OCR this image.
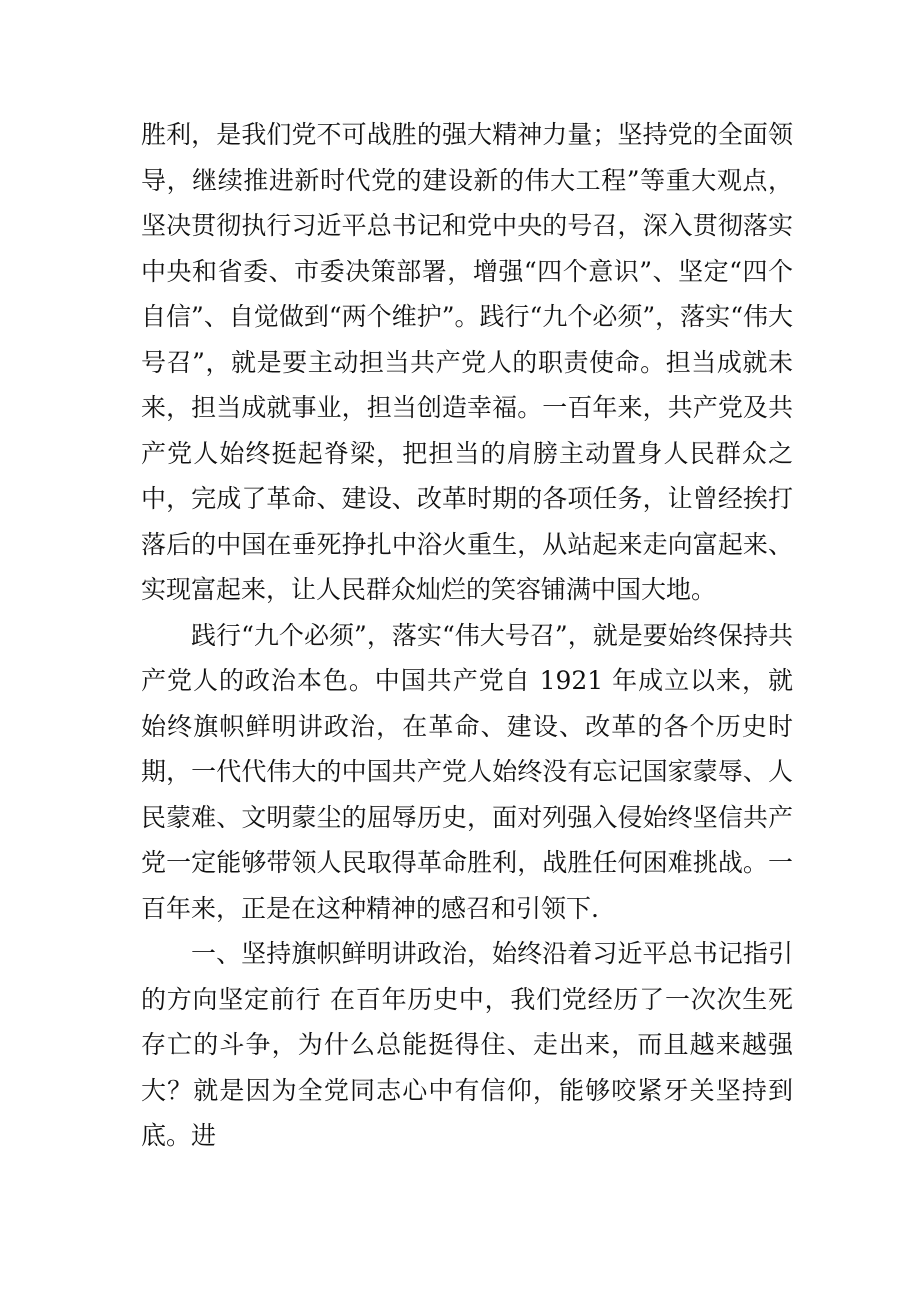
胜利，是我们党不可战胜的强大精神力量；坚持党的全面领导，继续推进新时代党的建设新的伟大工程”等重大观点，坚决贯彻执行习近平总书记和党中央的号召，深入贯彻落实中央和省委、市委决策部署，增强“四个意识”、坚定“四个自信”、自觉做到“两个维护”。践行“九个必须”，落实“伟大号召”，就是要主动担当共产党人的职责使命。担当成就未来，担当成就事业，担当创造幸福。一百年来，共产党及共产党人始终挺起脊梁，把担当的肩膀主动置身人民群众之中，完成了革命、建设、改革时期的各项任务，让曾经挨打落后的中国在垂死挣扎中浴火重生，从站起来走向富起来、实现富起来，让人民群众灿烂的笑容铺满中国大地。

践行“九个必须”，落实“伟大号召”，就是要始终保持共产党人的政治本色。中国共产党自 1921 年成立以来，就始终旗帜鲜明讲政治，在革命、建设、改革的各个历史时期，一代代伟大的中国共产党人始终没有忘记国家蒙辱、人民蒙难、文明蒙尘的屈辱历史，面对列强入侵始终坚信共产党一定能够带领人民取得革命胜利，战胜任何困难挑战。一百年来，正是在这种精神的感召和引领下.

一、坚持旗帜鲜明讲政治，始终沿着习近平总书记指引的方向坚定前行 在百年历史中，我们党经历了一次次生死存亡的斗争，为什么总能挺得住、走出来，而且越来越强大？就是因为全党同志心中有信仰，能够咬紧牙关坚持到底。进
